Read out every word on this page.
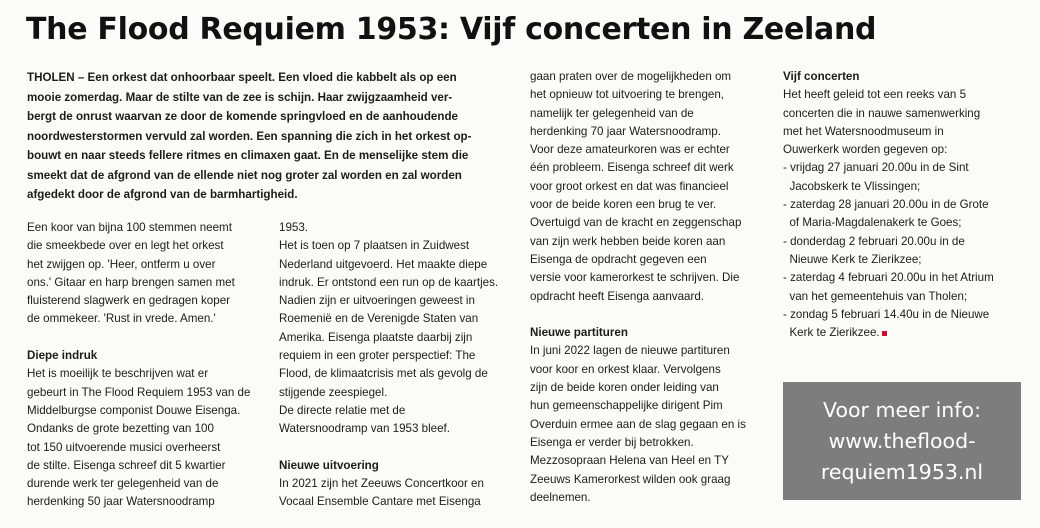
The Flood Requiem 1953: Vijf concerten in Zeeland
THOLEN – Een orkest dat onhoorbaar speelt. Een vloed die kabbelt als op een
mooie zomerdag. Maar de stilte van de zee is schijn. Haar zwijgzaamheid ver-
bergt de onrust waarvan ze door de komende springvloed en de aanhoudende
noordwesterstormen vervuld zal worden. Een spanning die zich in het orkest op-
bouwt en naar steeds fellere ritmes en climaxen gaat. En de menselijke stem die
smeekt dat de afgrond van de ellende niet nog groter zal worden en zal worden
afgedekt door de afgrond van de barmhartigheid.
Een koor van bijna 100 stemmen neemt
die smeekbede over en legt het orkest
het zwijgen op. 'Heer, ontferm u over
ons.' Gitaar en harp brengen samen met
fluisterend slagwerk en gedragen koper
de ommekeer. 'Rust in vrede. Amen.'
Diepe indruk
Het is moeilijk te beschrijven wat er
gebeurt in The Flood Requiem 1953 van de
Middelburgse componist Douwe Eisenga.
Ondanks de grote bezetting van 100
tot 150 uitvoerende musici overheerst
de stilte. Eisenga schreef dit 5 kwartier
durende werk ter gelegenheid van de
herdenking 50 jaar Watersnoodramp
1953.
Het is toen op 7 plaatsen in Zuidwest
Nederland uitgevoerd. Het maakte diepe
indruk. Er ontstond een run op de kaartjes.
Nadien zijn er uitvoeringen geweest in
Roemenië en de Verenigde Staten van
Amerika. Eisenga plaatste daarbij zijn
requiem in een groter perspectief: The
Flood, de klimaatcrisis met als gevolg de
stijgende zeespiegel.
De directe relatie met de
Watersnoodramp van 1953 bleef.
Nieuwe uitvoering
In 2021 zijn het Zeeuws Concertkoor en
Vocaal Ensemble Cantare met Eisenga
gaan praten over de mogelijkheden om
het opnieuw tot uitvoering te brengen,
namelijk ter gelegenheid van de
herdenking 70 jaar Watersnoodramp.
Voor deze amateurkoren was er echter
één probleem. Eisenga schreef dit werk
voor groot orkest en dat was financieel
voor de beide koren een brug te ver.
Overtuigd van de kracht en zeggenschap
van zijn werk hebben beide koren aan
Eisenga de opdracht gegeven een
versie voor kamerorkest te schrijven. Die
opdracht heeft Eisenga aanvaard.
Nieuwe partituren
In juni 2022 lagen de nieuwe partituren
voor koor en orkest klaar. Vervolgens
zijn de beide koren onder leiding van
hun gemeenschappelijke dirigent Pim
Overduin ermee aan de slag gegaan en is
Eisenga er verder bij betrokken.
Mezzosopraan Helena van Heel en TY
Zeeuws Kamerorkest wilden ook graag
deelnemen.
Vijf concerten
Het heeft geleid tot een reeks van 5
concerten die in nauwe samenwerking
met het Watersnoodmuseum in
Ouwerkerk worden gegeven op:
- vrijdag 27 januari 20.00u in de Sint
Jacobskerk te Vlissingen;
- zaterdag 28 januari 20.00u in de Grote
of Maria-Magdalenakerk te Goes;
- donderdag 2 februari 20.00u in de
Nieuwe Kerk te Zierikzee;
- zaterdag 4 februari 20.00u in het Atrium
van het gemeentehuis van Tholen;
- zondag 5 februari 14.40u in de Nieuwe
Kerk te Zierikzee.
Voor meer info:
www.theflood-
requiem1953.nl
